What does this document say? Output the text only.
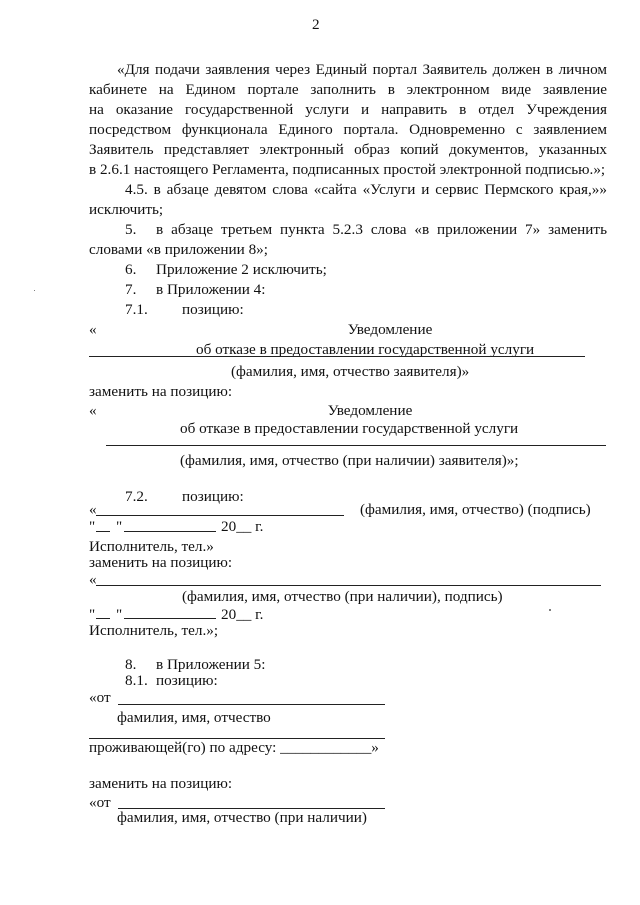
2
«Для подачи заявления через Единый портал Заявитель должен в личном
кабинете на Едином портале заполнить в электронном виде заявление
на оказание государственной услуги и направить в отдел Учреждения
посредством функционала Единого портала. Одновременно с заявлением
Заявитель представляет электронный образ копий документов, указанных
в 2.6.1 настоящего Регламента, подписанных простой электронной подписью.»;
4.5. в абзаце девятом слова «сайта «Услуги и сервис Пермского края,»»
исключить;
5. в абзаце третьем пункта 5.2.3 слова «в приложении 7» заменить
словами «в приложении 8»;
6. Приложение 2 исключить;
7. в Приложении 4:
7.1. позицию:
«	Уведомление
об отказе в предоставлении государственной услуги
(фамилия, имя, отчество заявителя)»
заменить на позицию:
«	Уведомление
об отказе в предоставлении государственной услуги
(фамилия, имя, отчество (при наличии) заявителя)»;
7.2. позицию:
«	(фамилия, имя, отчество) (подпись)
" "	20__ г.
Исполнитель, тел.»
заменить на позицию:
«
(фамилия, имя, отчество (при наличии), подпись)
" "	20__ г.
Исполнитель, тел.»;
8. в Приложении 5:
8.1. позицию:
«от
фамилия, имя, отчество
проживающей(го) по адресу: ____________»
заменить на позицию:
«от
фамилия, имя, отчество (при наличии)
